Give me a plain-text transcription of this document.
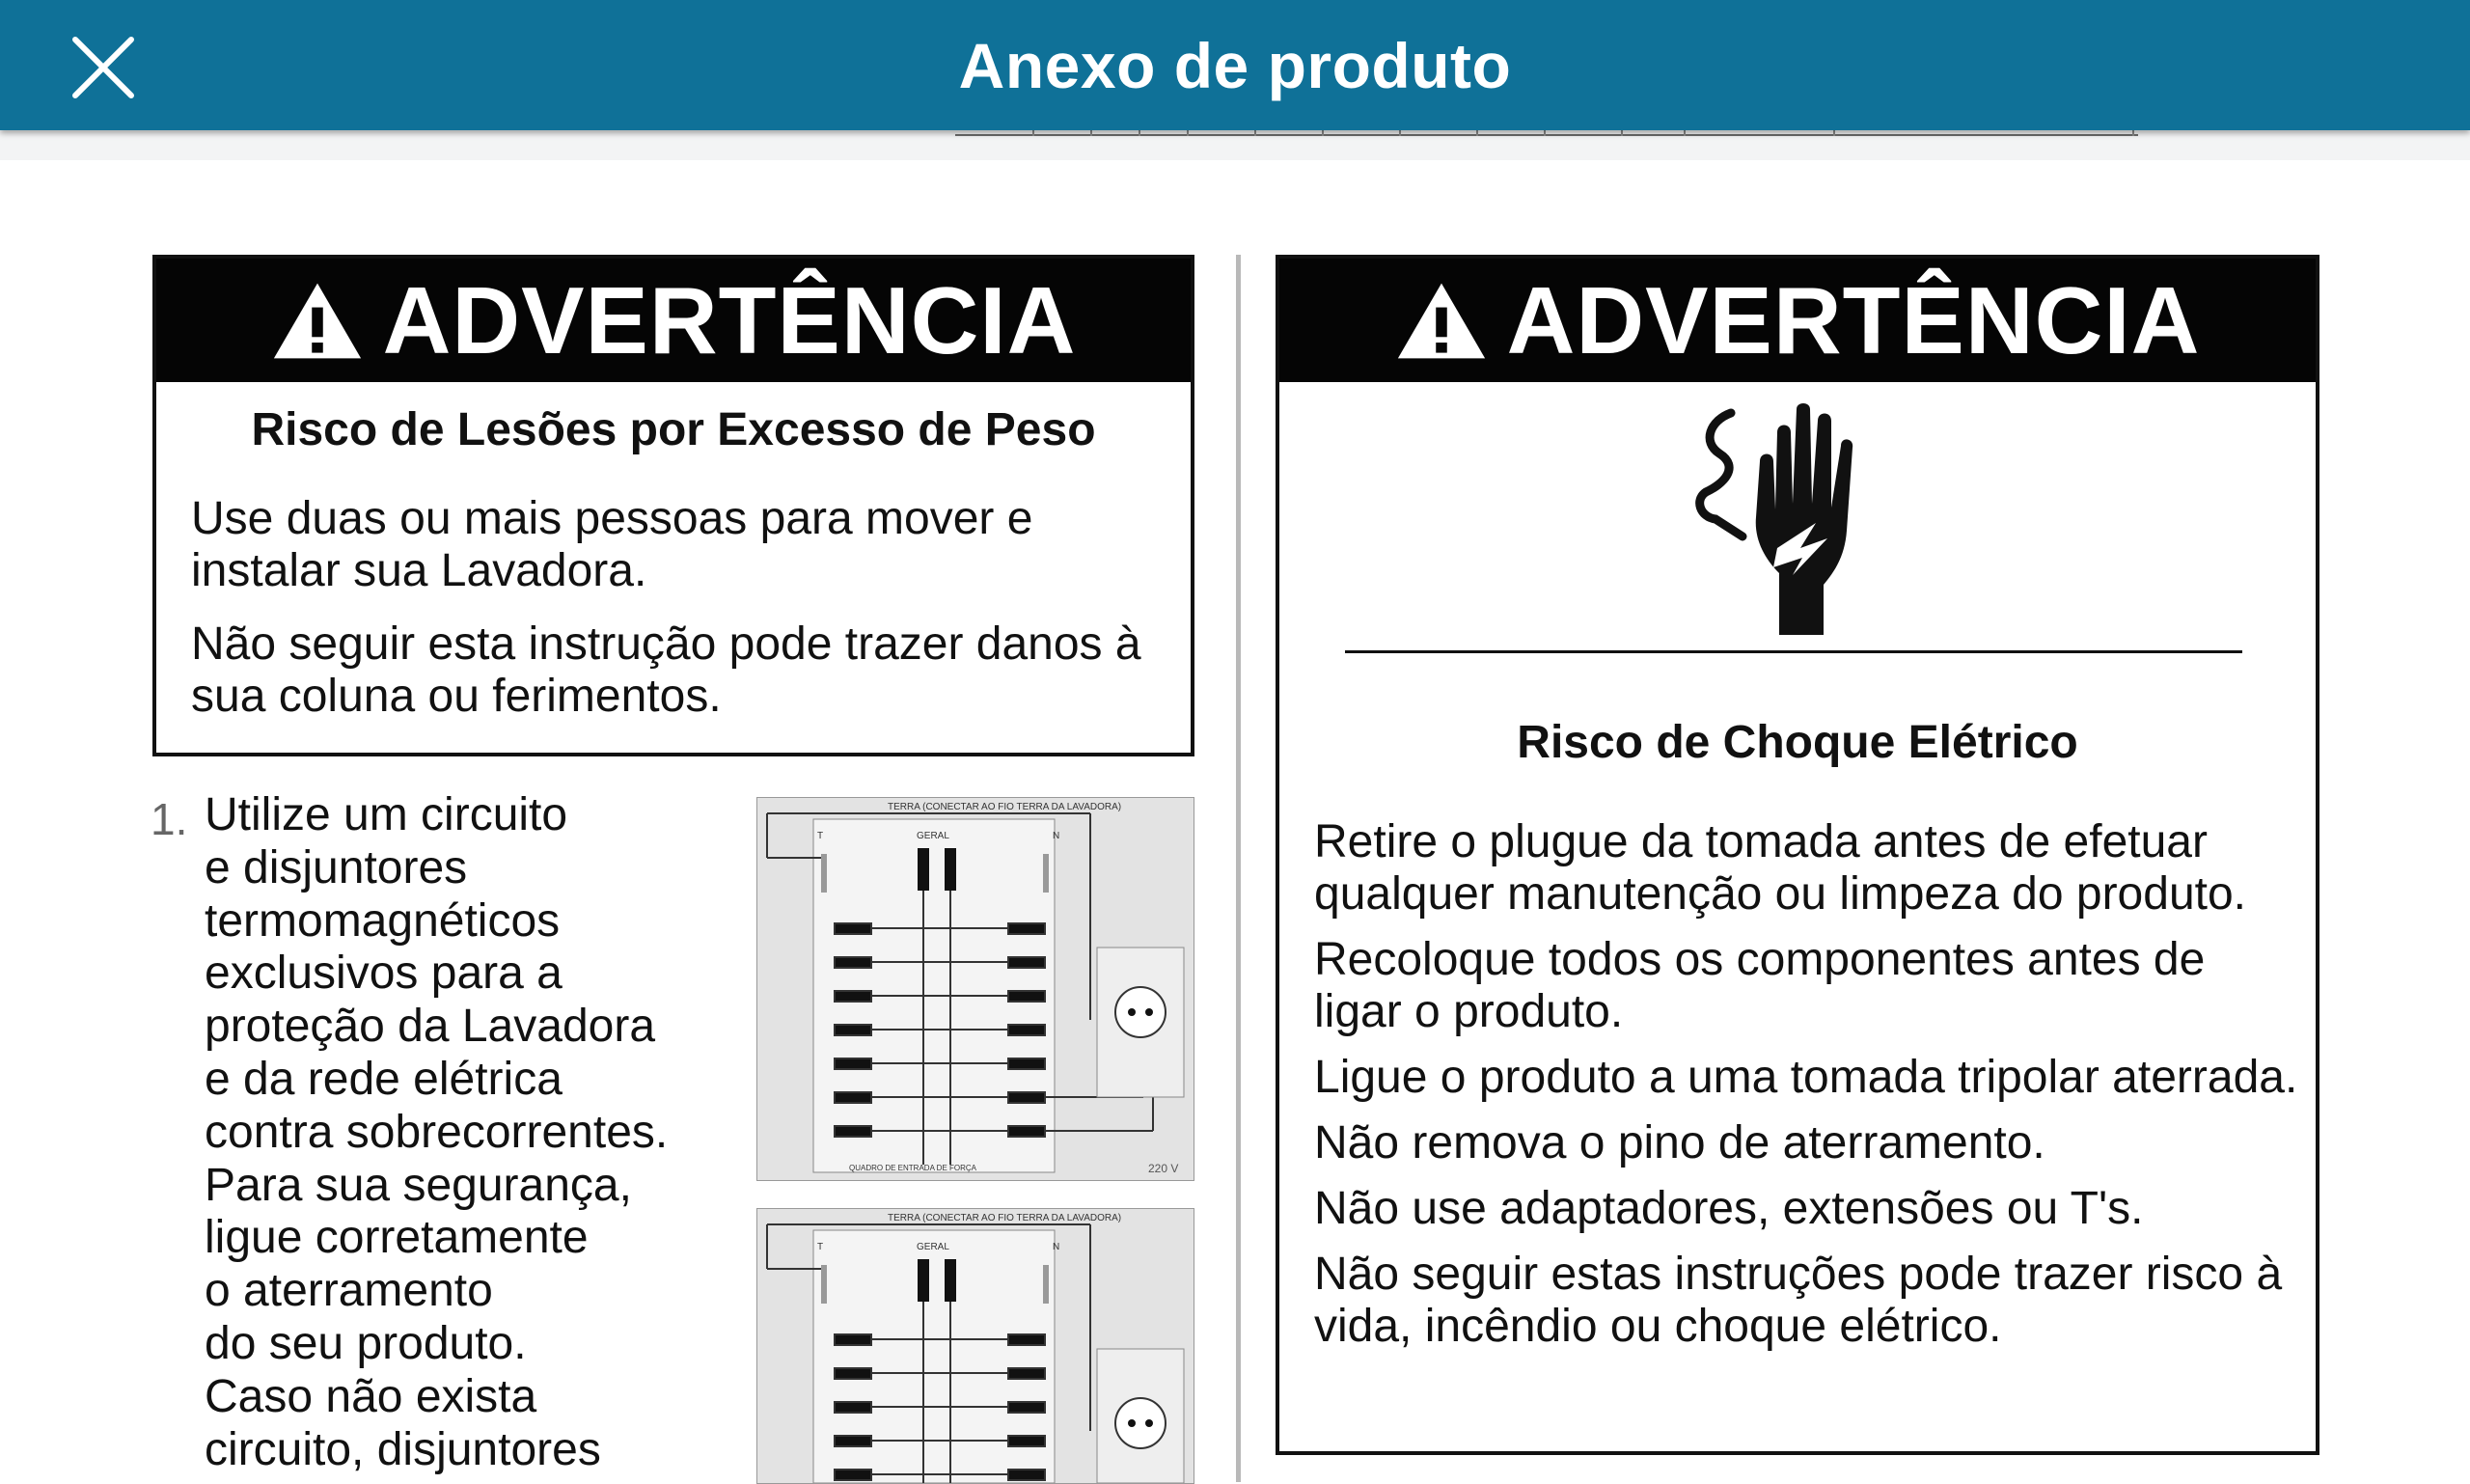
Anexo de produto
ADVERTÊNCIA
Risco de Lesões por Excesso de Peso
Use duas ou mais pessoas para mover e instalar sua Lavadora.
Não seguir esta instrução pode trazer danos à sua coluna ou ferimentos.
1. Utilize um circuito
e disjuntores
termomagnéticos
exclusivos para a
proteção da Lavadora
e da rede elétrica
contra sobrecorrentes.
Para sua segurança,
ligue corretamente
o aterramento
do seu produto.
Caso não exista
circuito, disjuntores
TERRA (CONECTAR AO FIO TERRA DA LAVADORA)
T	GERAL	N
QUADRO DE ENTRADA DE FORÇA	220 V
TERRA (CONECTAR AO FIO TERRA DA LAVADORA)
T	GERAL	N
ADVERTÊNCIA
Risco de Choque Elétrico
Retire o plugue da tomada antes de efetuar qualquer manutenção ou limpeza do produto.
Recoloque todos os componentes antes de ligar o produto.
Ligue o produto a uma tomada tripolar aterrada.
Não remova o pino de aterramento.
Não use adaptadores, extensões ou T's.
Não seguir estas instruções pode trazer risco à vida, incêndio ou choque elétrico.
